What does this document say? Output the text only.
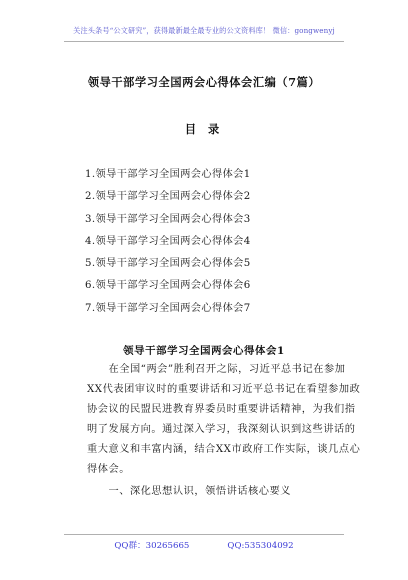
关注头条号“公文研究”，获得最新最全最专业的公文资料库！ 微信：gongwenyj
领导干部学习全国两会心得体会汇编（7篇）
目 录
1.领导干部学习全国两会心得体会1
2.领导干部学习全国两会心得体会2
3.领导干部学习全国两会心得体会3
4.领导干部学习全国两会心得体会4
5.领导干部学习全国两会心得体会5
6.领导干部学习全国两会心得体会6
7.领导干部学习全国两会心得体会7
领导干部学习全国两会心得体会1

　　在全国“两会”胜利召开之际，习近平总书记在参加
XX代表团审议时的重要讲话和习近平总书记在看望参加政
协会议的民盟民进教育界委员时重要讲话精神，为我们指
明了发展方向。通过深入学习，我深刻认识到这些讲话的
重大意义和丰富内涵，结合XX市政府工作实际，谈几点心
得体会。

　　一、深化思想认识，领悟讲话核心要义

QQ群：30265665	QQ:535304092
